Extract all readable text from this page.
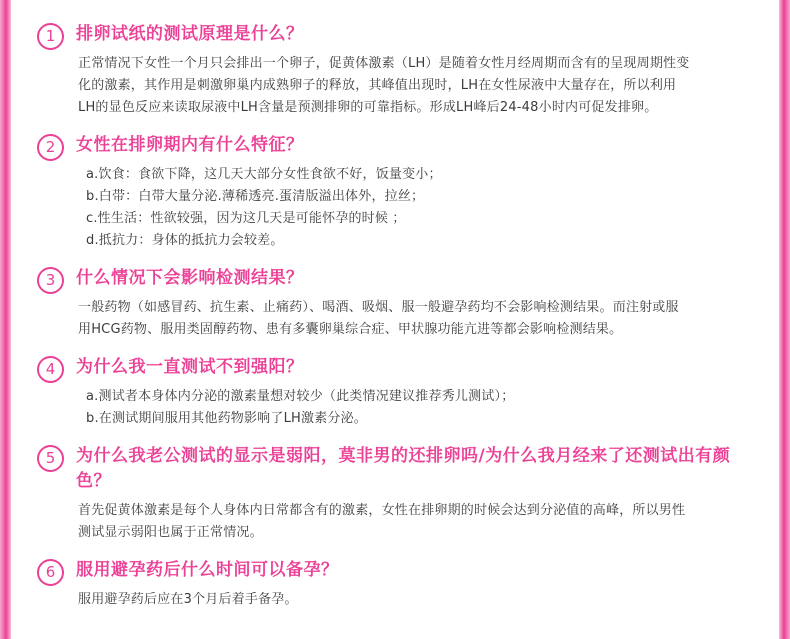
1	排卵试纸的测试原理是什么？

正常情况下女性一个月只会排出一个卵子，促黄体激素（LH）是随着女性月经周期而含有的呈现周期性变
化的激素，其作用是刺激卵巢内成熟卵子的释放，其峰值出现时，LH在女性尿液中大量存在，所以利用
LH的显色反应来读取尿液中LH含量是预测排卵的可靠指标。形成LH峰后24-48小时内可促发排卵。

2	女性在排卵期内有什么特征？

a.饮食：食欲下降，这几天大部分女性食欲不好，饭量变小；
b.白带：白带大量分泌.薄稀透亮.蛋清版溢出体外，拉丝；
c.性生活：性欲较强，因为这几天是可能怀孕的时候 ；
d.抵抗力：身体的抵抗力会较差。

3	什么情况下会影响检测结果？

一般药物（如感冒药、抗生素、止痛药）、喝酒、吸烟、服一般避孕药均不会影响检测结果。而注射或服
用HCG药物、服用类固醇药物、患有多囊卵巢综合症、甲状腺功能亢进等都会影响检测结果。

4	为什么我一直测试不到强阳？

a.测试者本身体内分泌的激素量想对较少（此类情况建议推荐秀儿测试）；
b.在测试期间服用其他药物影响了LH激素分泌。

5	为什么我老公测试的显示是弱阳，莫非男的还排卵吗/为什么我月经来了还测试出有颜色？

首先促黄体激素是每个人身体内日常都含有的激素，女性在排卵期的时候会达到分泌值的高峰，所以男性
测试显示弱阳也属于正常情况。

6	服用避孕药后什么时间可以备孕？

服用避孕药后应在3个月后着手备孕。
